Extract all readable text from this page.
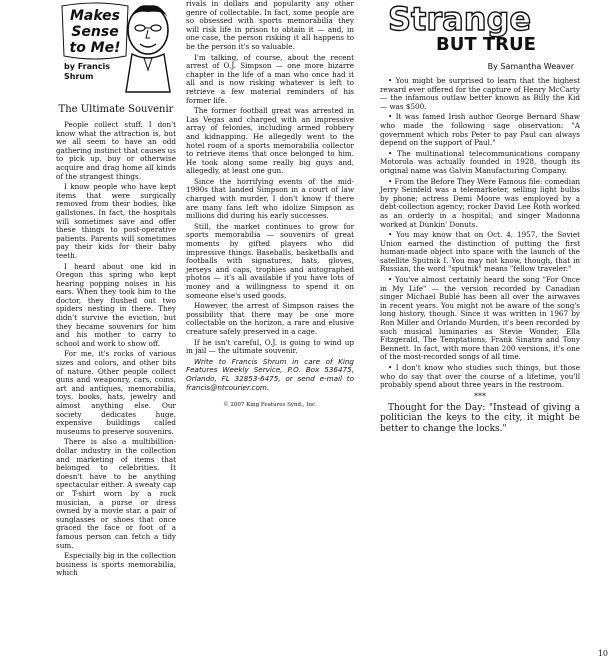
Makes
Sense
to Me!
by Francis
Shrum
The Ultimate Souvenir

People collect stuff. I don't know what the attraction is, but we all seem to have an odd gathering instinct that causes us to pick up, buy or otherwise acquire and drag home all kinds of the strangest things.

I know people who have kept items that were surgically removed from their bodies, like gallstones. In fact, the hospitals will sometimes save and offer these things to post-operative patients. Parents will sometimes pay their kids for their baby teeth.

I heard about one kid in Oregon this spring who kept hearing popping noises in his ears. When they took him to the doctor, they flushed out two spiders nesting in there. They didn't survive the eviction, but they became souvenirs for him and his mother to carry to school and work to show off.

For me, it's rocks of various sizes and colors, and other bits of nature. Other people collect guns and weaponry, cars, coins, art and antiques, memorabilia, toys, books, hats, jewelry and almost anything else. Our society dedicates huge, expensive buildings called museums to preserve souvenirs.

There is also a multibillion-dollar industry in the collection and marketing of items that belonged to celebrities. It doesn't have to be anything spectacular either. A sweaty cap or T-shirt worn by a rock musician, a purse or dress owned by a movie star, a pair of sunglasses or shoes that once graced the face or foot of a famous person can fetch a tidy sum.

Especially big in the collection business is sports memorabilia, which

rivals in dollars and popularity any other genre of collectable. In fact, some people are so obsessed with sports memorabilia they will risk life in prison to obtain it — and, in one case, the person risking it all happens to be the person it's so valuable.

I'm talking, of course, about the recent arrest of O.J. Simpson — one more bizarre chapter in the life of a man who once had it all and is now risking whatever is left to retrieve a few material reminders of his former life.

The former football great was arrested in Las Vegas and charged with an impressive array of felonies, including armed robbery and kidnapping. He allegedly went to the hotel room of a sports memorabilia collector to retrieve items that once belonged to him. He took along some really big guys and, allegedly, at least one gun.

Since the horrifying events of the mid-1990s that landed Simpson in a court of law charged with murder, I don't know if there are many fans left who idolize Simpson as millions did during his early successes.

Still, the market continues to grow for sports memorabilia — souvenirs of great moments by gifted players who did impressive things. Baseballs, basketballs and footballs with signatures, hats, gloves, jerseys and caps, trophies and autographed photos — it's all available if you have lots of money and a willingness to spend it on someone else's used goods.

However, the arrest of Simpson raises the possibility that there may be one more collectable on the horizon, a rare and elusive creature safely preserved in a cage.

If he isn't careful, O.J. is going to wind up in jail — the ultimate souvenir.

Write to Francis Shrum in care of King Features Weekly Service, P.O. Box 536475, Orlando, FL 32853-6475, or send e-mail to francis@ntcourier.com.

© 2007 King Features Synd., Inc.
Strange
BUT TRUE
By Samantha Weaver

• You might be surprised to learn that the highest reward ever offered for the capture of Henry McCarty — the infamous outlaw better known as Billy the Kid — was $500.

• It was famed Irish author George Bernard Shaw who made the following sage observation: "A government which robs Peter to pay Paul can always depend on the support of Paul."

• The multinational telecommunications company Motorola was actually founded in 1928, though its original name was Galvin Manufacturing Company.

• From the Before They Were Famous file: comedian Jerry Seinfeld was a telemarketer, selling light bulbs by phone; actress Demi Moore was employed by a debt-collection agency; rocker David Lee Roth worked as an orderly in a hospital; and singer Madonna worked at Dunkin' Donuts.

• You may know that on Oct. 4, 1957, the Soviet Union earned the distinction of putting the first human-made object into space with the launch of the satellite Sputnik I. You may not know, though, that in Russian, the word "sputnik" means "fellow traveler."

• You've almost certainly heard the song "For Once in My Life" — the version recorded by Canadian singer Michael Bublé has been all over the airwaves in recent years. You might not be aware of the song's long history, though. Since it was written in 1967 by Ron Miller and Orlando Murden, it's been recorded by such musical luminaries as Stevie Wonder, Ella Fitzgerald, The Temptations, Frank Sinatra and Tony Bennett. In fact, with more than 200 versions, it's one of the most-recorded songs of all time.

• I don't know who studies such things, but those who do say that over the course of a lifetime, you'll probably spend about three years in the restroom.

***

Thought for the Day: "Instead of giving a politician the keys to the city, it might be better to change the locks."

10
